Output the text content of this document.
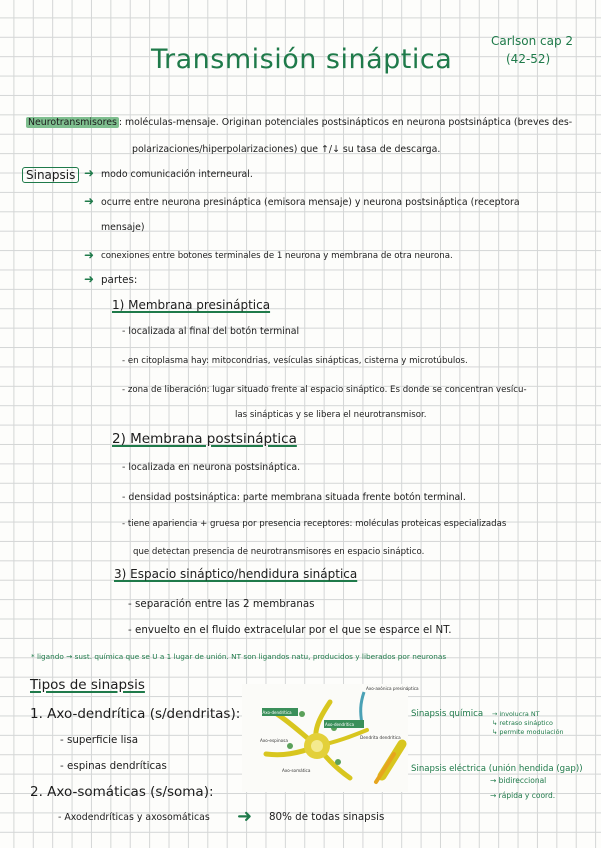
Transmisión sináptica
Carlson cap 2
(42-52)
Neurotransmisores : moléculas-mensaje. Originan potenciales postsinápticos en neurona postsináptica (breves des-
polarizaciones/hiperpolarizaciones) que ↑/↓ su tasa de descarga.
Sinapsis ➜ modo comunicación interneural.
➜ ocurre entre neurona presináptica (emisora mensaje) y neurona postsináptica (receptora
mensaje)
➜ conexiones entre botones terminales de 1 neurona y membrana de otra neurona.
➜ partes:
1) Membrana presináptica
- localizada al final del botón terminal
- en citoplasma hay: mitocondrias, vesículas sinápticas, cisterna y microtúbulos.
- zona de liberación: lugar situado frente al espacio sináptico. Es donde se concentran vesícu-
las sinápticas y se libera el neurotransmisor.
2) Membrana postsináptica
- localizada en neurona postsináptica.
- densidad postsináptica: parte membrana situada frente botón terminal.
- tiene apariencia + gruesa por presencia receptores: moléculas proteicas especializadas
que detectan presencia de neurotransmisores en espacio sináptico.
3) Espacio sináptico/hendidura sináptica
- separación entre las 2 membranas
- envuelto en el fluido extracelular por el que se esparce el NT.
* ligando → sust. química que se U a 1 lugar de unión. NT son ligandos natu, producidos y liberados por neuronas
Tipos de sinapsis
1. Axo-dendrítica (s/dendritas):
- superficie lisa
- espinas dendríticas
2. Axo-somáticas (s/soma):
- Axodendríticas y axosomáticas ➜ 80% de todas sinapsis
Axo-dendrítica
Axo-dendrítica
Axo-axónica presináptica
Axo-espinosa
Axo-somática
Dendrita dendrítica
Sinapsis química → involucra NT
↳ retraso sináptico
↳ permite modulación
Sinapsis eléctrica (unión hendida (gap))
→ bidireccional
→ rápida y coord.
